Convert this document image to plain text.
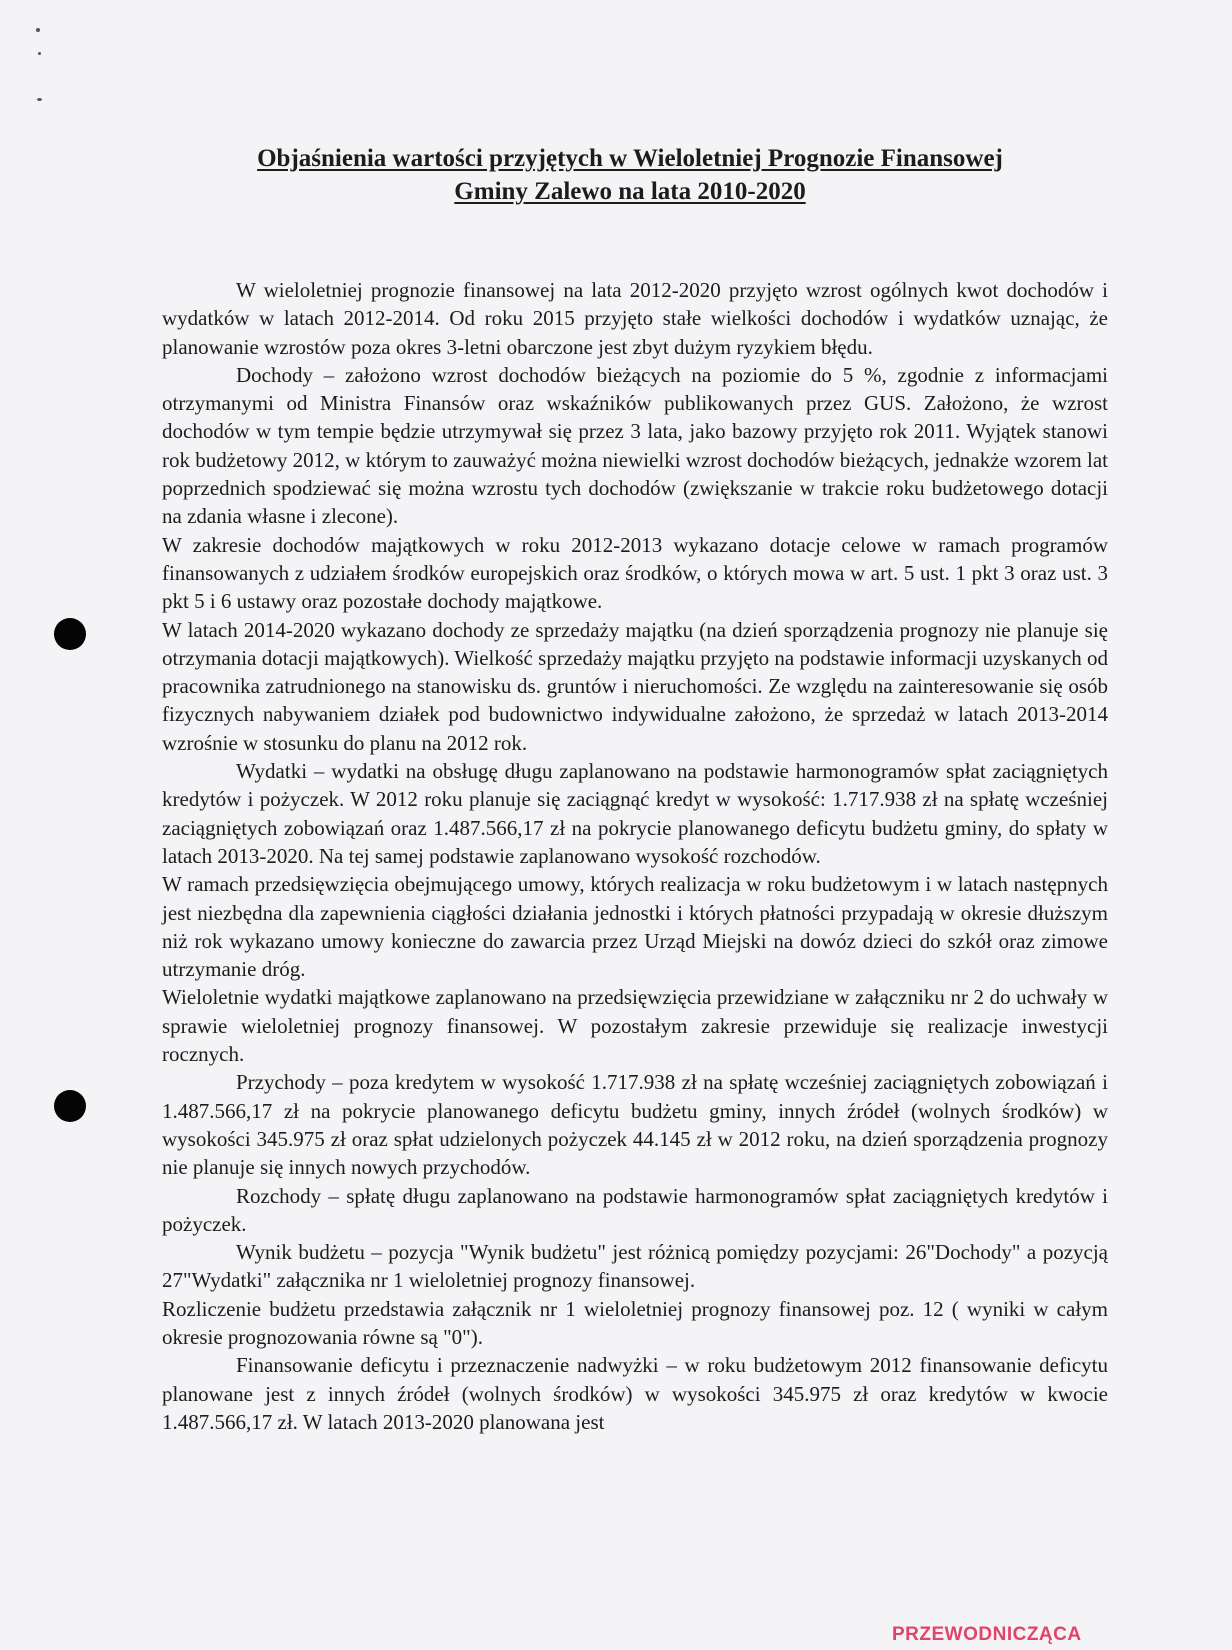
Objaśnienia wartości przyjętych w Wieloletniej Prognozie Finansowej
Gminy Zalewo na lata 2010-2020

W wieloletniej prognozie finansowej na lata 2012-2020 przyjęto wzrost ogólnych kwot dochodów i wydatków w latach 2012-2014. Od roku 2015 przyjęto stałe wielkości dochodów i wydatków uznając, że planowanie wzrostów poza okres 3-letni obarczone jest zbyt dużym ryzykiem błędu.

Dochody – założono wzrost dochodów bieżących na poziomie do 5 %, zgodnie z informacjami otrzymanymi od Ministra Finansów oraz wskaźników publikowanych przez GUS. Założono, że wzrost dochodów w tym tempie będzie utrzymywał się przez 3 lata, jako bazowy przyjęto rok 2011. Wyjątek stanowi rok budżetowy 2012, w którym to zauważyć można niewielki wzrost dochodów bieżących, jednakże wzorem lat poprzednich spodziewać się można wzrostu tych dochodów (zwiększanie w trakcie roku budżetowego dotacji na zdania własne i zlecone).

W zakresie dochodów majątkowych w roku 2012-2013 wykazano dotacje celowe w ramach programów finansowanych z udziałem środków europejskich oraz środków, o których mowa w art. 5 ust. 1 pkt 3 oraz ust. 3 pkt 5 i 6 ustawy oraz pozostałe dochody majątkowe.

W latach 2014-2020 wykazano dochody ze sprzedaży majątku (na dzień sporządzenia prognozy nie planuje się otrzymania dotacji majątkowych). Wielkość sprzedaży majątku przyjęto na podstawie informacji uzyskanych od pracownika zatrudnionego na stanowisku ds. gruntów i nieruchomości. Ze względu na zainteresowanie się osób fizycznych nabywaniem działek pod budownictwo indywidualne założono, że sprzedaż w latach 2013-2014 wzrośnie w stosunku do planu na 2012 rok.

Wydatki – wydatki na obsługę długu zaplanowano na podstawie harmonogramów spłat zaciągniętych kredytów i pożyczek. W 2012 roku planuje się zaciągnąć kredyt w wysokość: 1.717.938 zł na spłatę wcześniej zaciągniętych zobowiązań oraz 1.487.566,17 zł na pokrycie planowanego deficytu budżetu gminy, do spłaty w latach 2013-2020. Na tej samej podstawie zaplanowano wysokość rozchodów.

W ramach przedsięwzięcia obejmującego umowy, których realizacja w roku budżetowym i w latach następnych jest niezbędna dla zapewnienia ciągłości działania jednostki i których płatności przypadają w okresie dłuższym niż rok wykazano umowy konieczne do zawarcia przez Urząd Miejski na dowóz dzieci do szkół oraz zimowe utrzymanie dróg.

Wieloletnie wydatki majątkowe zaplanowano na przedsięwzięcia przewidziane w załączniku nr 2 do uchwały w sprawie wieloletniej prognozy finansowej. W pozostałym zakresie przewiduje się realizacje inwestycji rocznych.

Przychody – poza kredytem w wysokość 1.717.938 zł na spłatę wcześniej zaciągniętych zobowiązań i 1.487.566,17 zł na pokrycie planowanego deficytu budżetu gminy, innych źródeł (wolnych środków) w wysokości 345.975 zł oraz spłat udzielonych pożyczek 44.145 zł w 2012 roku, na dzień sporządzenia prognozy nie planuje się innych nowych przychodów.

Rozchody – spłatę długu zaplanowano na podstawie harmonogramów spłat zaciągniętych kredytów i pożyczek.

Wynik budżetu – pozycja "Wynik budżetu" jest różnicą pomiędzy pozycjami: 26"Dochody" a pozycją 27"Wydatki" załącznika nr 1 wieloletniej prognozy finansowej.

Rozliczenie budżetu przedstawia załącznik nr 1 wieloletniej prognozy finansowej poz. 12 ( wyniki w całym okresie prognozowania równe są "0").

Finansowanie deficytu i przeznaczenie nadwyżki – w roku budżetowym 2012 finansowanie deficytu planowane jest z innych źródeł (wolnych środków) w wysokości 345.975 zł oraz kredytów w kwocie 1.487.566,17 zł. W latach 2013-2020 planowana jest

PRZEWODNICZĄCA
